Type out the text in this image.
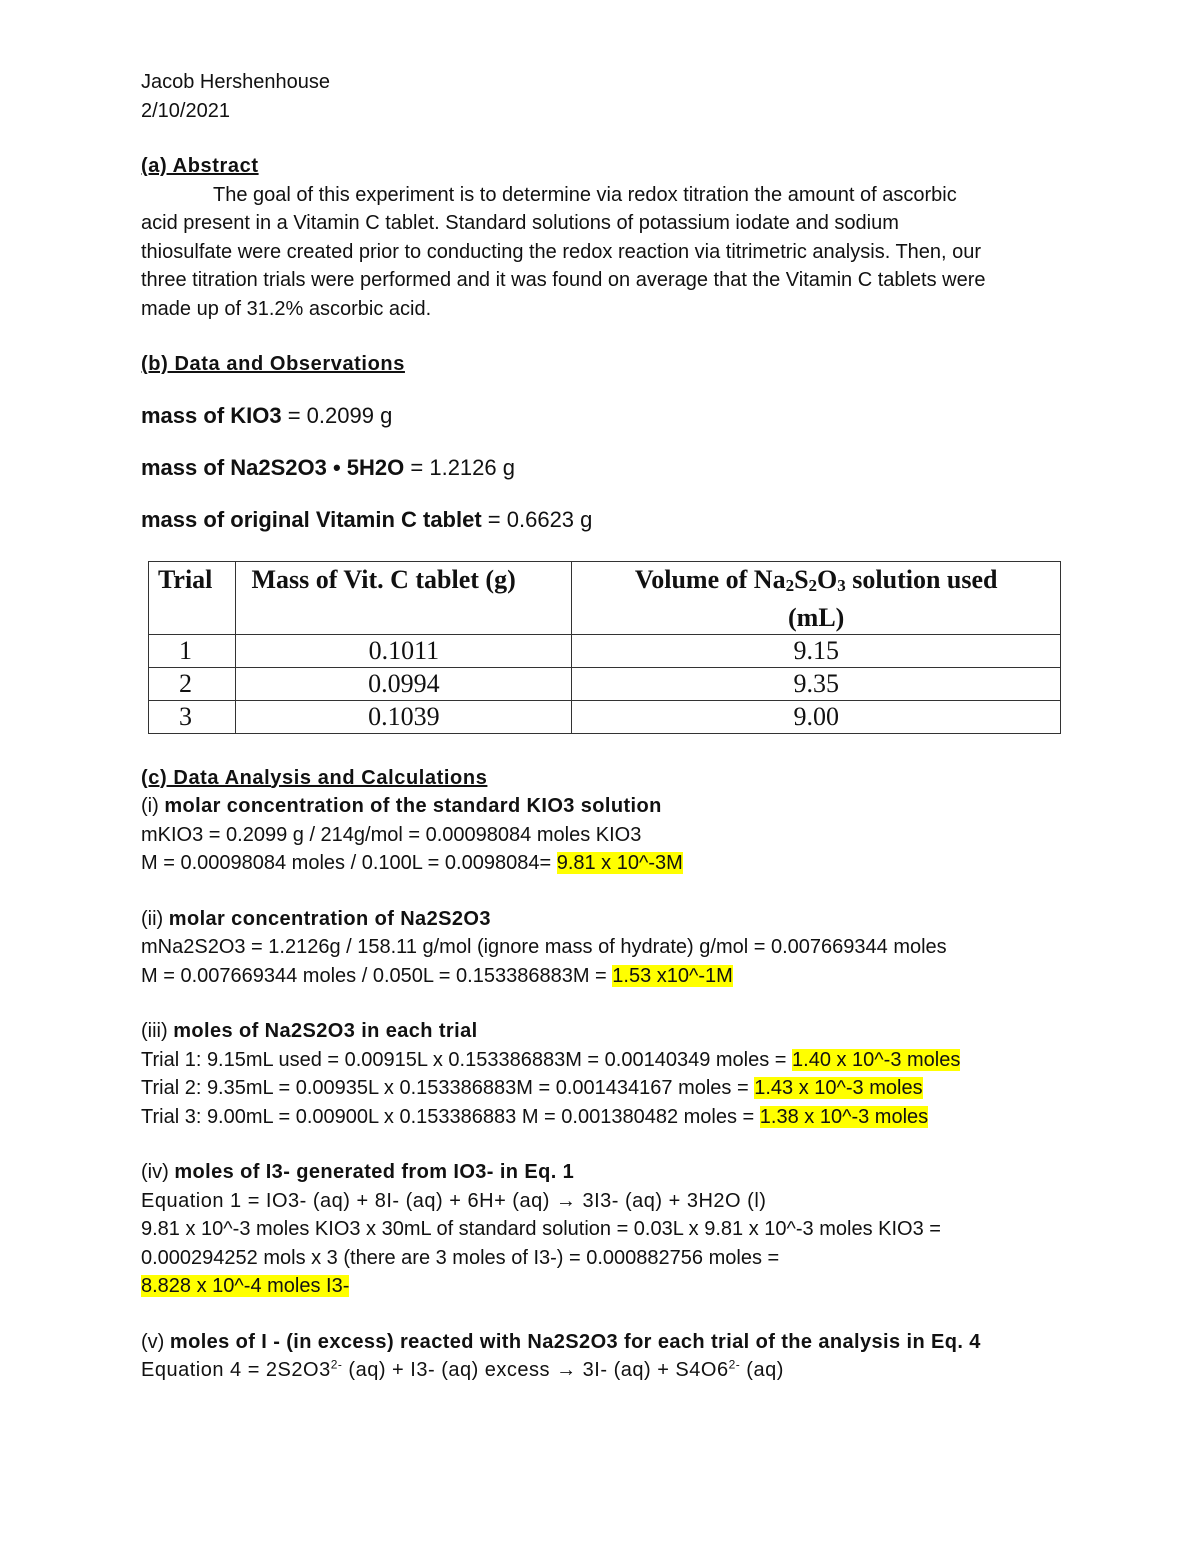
Jacob Hershenhouse
2/10/2021
(a) Abstract
The goal of this experiment is to determine via redox titration the amount of ascorbic
acid present in a Vitamin C tablet. Standard solutions of potassium iodate and sodium
thiosulfate were created prior to conducting the redox reaction via titrimetric analysis. Then, our
three titration trials were performed and it was found on average that the Vitamin C tablets were
made up of 31.2% ascorbic acid.
(b) Data and Observations
mass of KIO3 = 0.2099 g
mass of Na2S2O3 • 5H2O = 1.2126 g
mass of original Vitamin C tablet = 0.6623 g
Trial	Mass of Vit. C tablet (g)	Volume of Na2S2O3 solution used
(mL)
1	0.1011	9.15
2	0.0994	9.35
3	0.1039	9.00
(c) Data Analysis and Calculations
(i) molar concentration of the standard KIO3 solution
mKIO3 = 0.2099 g / 214g/mol = 0.00098084 moles KIO3
M = 0.00098084 moles / 0.100L = 0.0098084= 9.81 x 10^-3M
(ii) molar concentration of Na2S2O3
mNa2S2O3 = 1.2126g / 158.11 g/mol (ignore mass of hydrate) g/mol = 0.007669344 moles
M = 0.007669344 moles / 0.050L = 0.153386883M = 1.53 x10^-1M
(iii) moles of Na2S2O3 in each trial
Trial 1: 9.15mL used = 0.00915L x 0.153386883M = 0.00140349 moles = 1.40 x 10^-3 moles
Trial 2: 9.35mL = 0.00935L x 0.153386883M = 0.001434167 moles = 1.43 x 10^-3 moles
Trial 3: 9.00mL = 0.00900L x 0.153386883 M = 0.001380482 moles = 1.38 x 10^-3 moles
(iv) moles of I3- generated from IO3- in Eq. 1
Equation 1 = IO3- (aq) + 8I- (aq) + 6H+ (aq) → 3I3- (aq) + 3H2O (l)
9.81 x 10^-3 moles KIO3 x 30mL of standard solution = 0.03L x 9.81 x 10^-3 moles KIO3 =
0.000294252 mols x 3 (there are 3 moles of I3-) = 0.000882756 moles =
8.828 x 10^-4 moles I3-
(v) moles of I - (in excess) reacted with Na2S2O3 for each trial of the analysis in Eq. 4
Equation $4 = 2S2O3^{2-}$ (aq) + I3- (aq) excess → 3I- $(aq) + S4O6^{2-}$ (aq)
